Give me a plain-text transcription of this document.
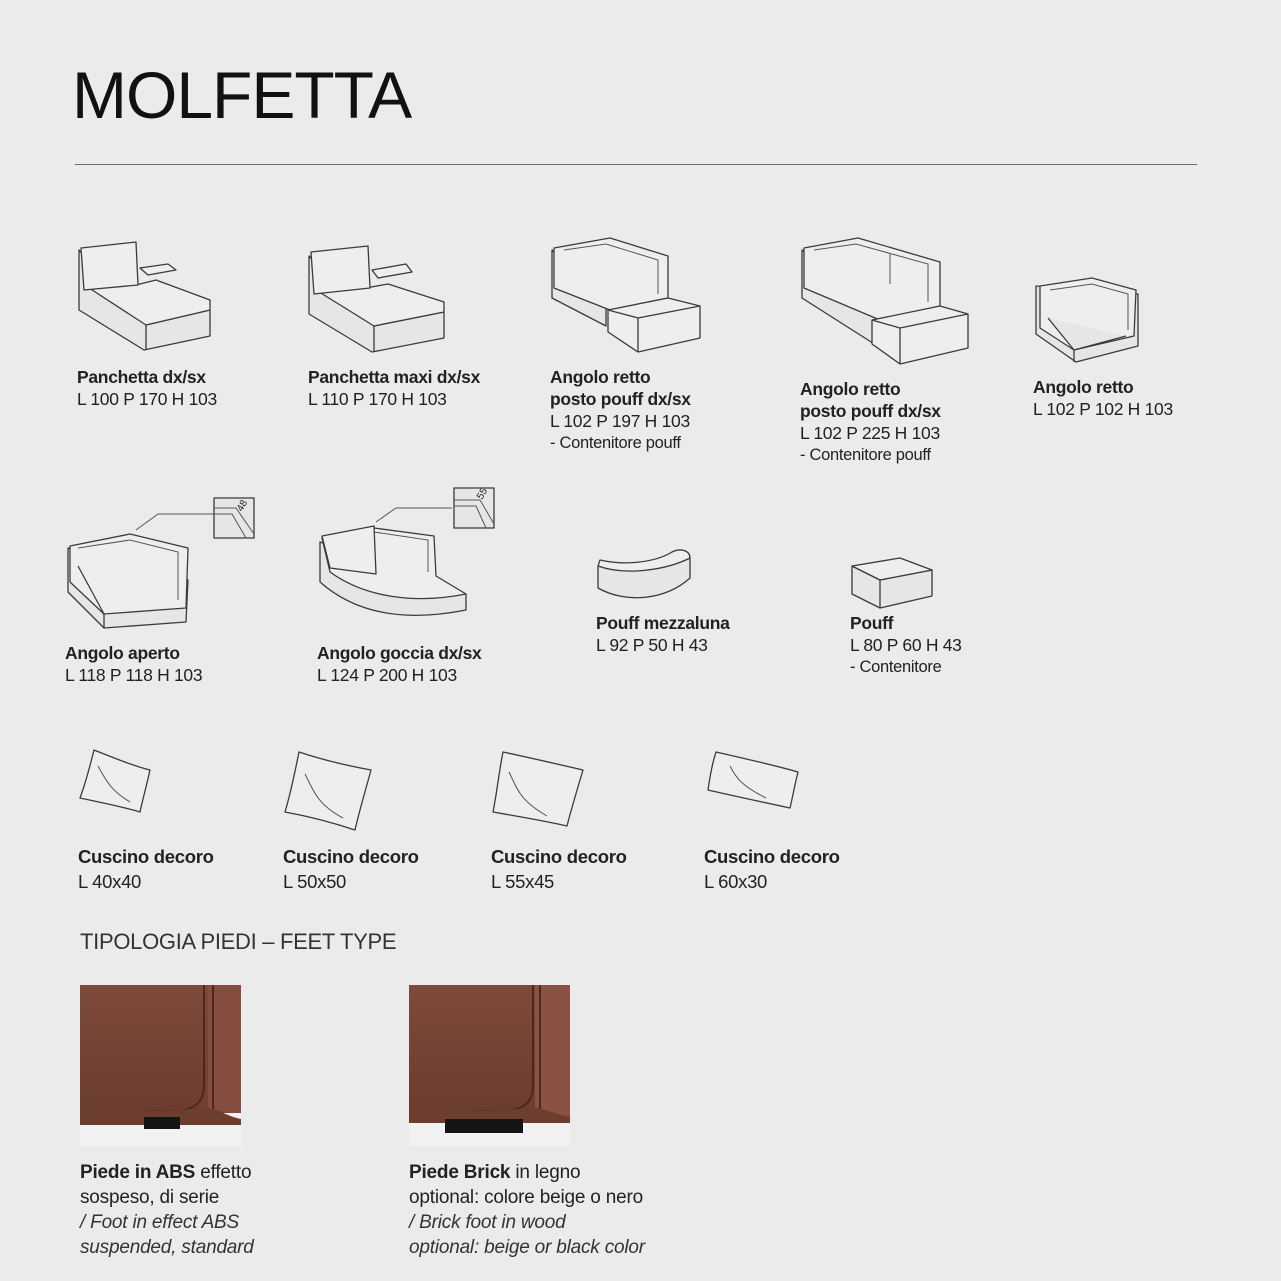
MOLFETTA
Panchetta dx/sx
L 100 P 170 H 103
Panchetta maxi dx/sx
L 110 P 170 H 103
Angolo retto
posto pouff dx/sx
L 102 P 197 H 103
- Contenitore pouff
Angolo retto
posto pouff dx/sx
L 102 P 225 H 103
- Contenitore pouff
Angolo retto
L 102 P 102 H 103
48
Angolo aperto
L 118 P 118 H 103
55
Angolo goccia dx/sx
L 124 P 200 H 103
Pouff mezzaluna
L 92 P 50 H 43
Pouff
L 80 P 60 H 43
- Contenitore
Cuscino decoro
L 40x40
Cuscino decoro
L 50x50
Cuscino decoro
L 55x45
Cuscino decoro
L 60x30
TIPOLOGIA PIEDI – FEET TYPE
Piede in ABS effetto
sospeso, di serie
/ Foot in effect ABS
suspended, standard
Piede Brick in legno
optional: colore beige o nero
/ Brick foot in wood
optional: beige or black color
